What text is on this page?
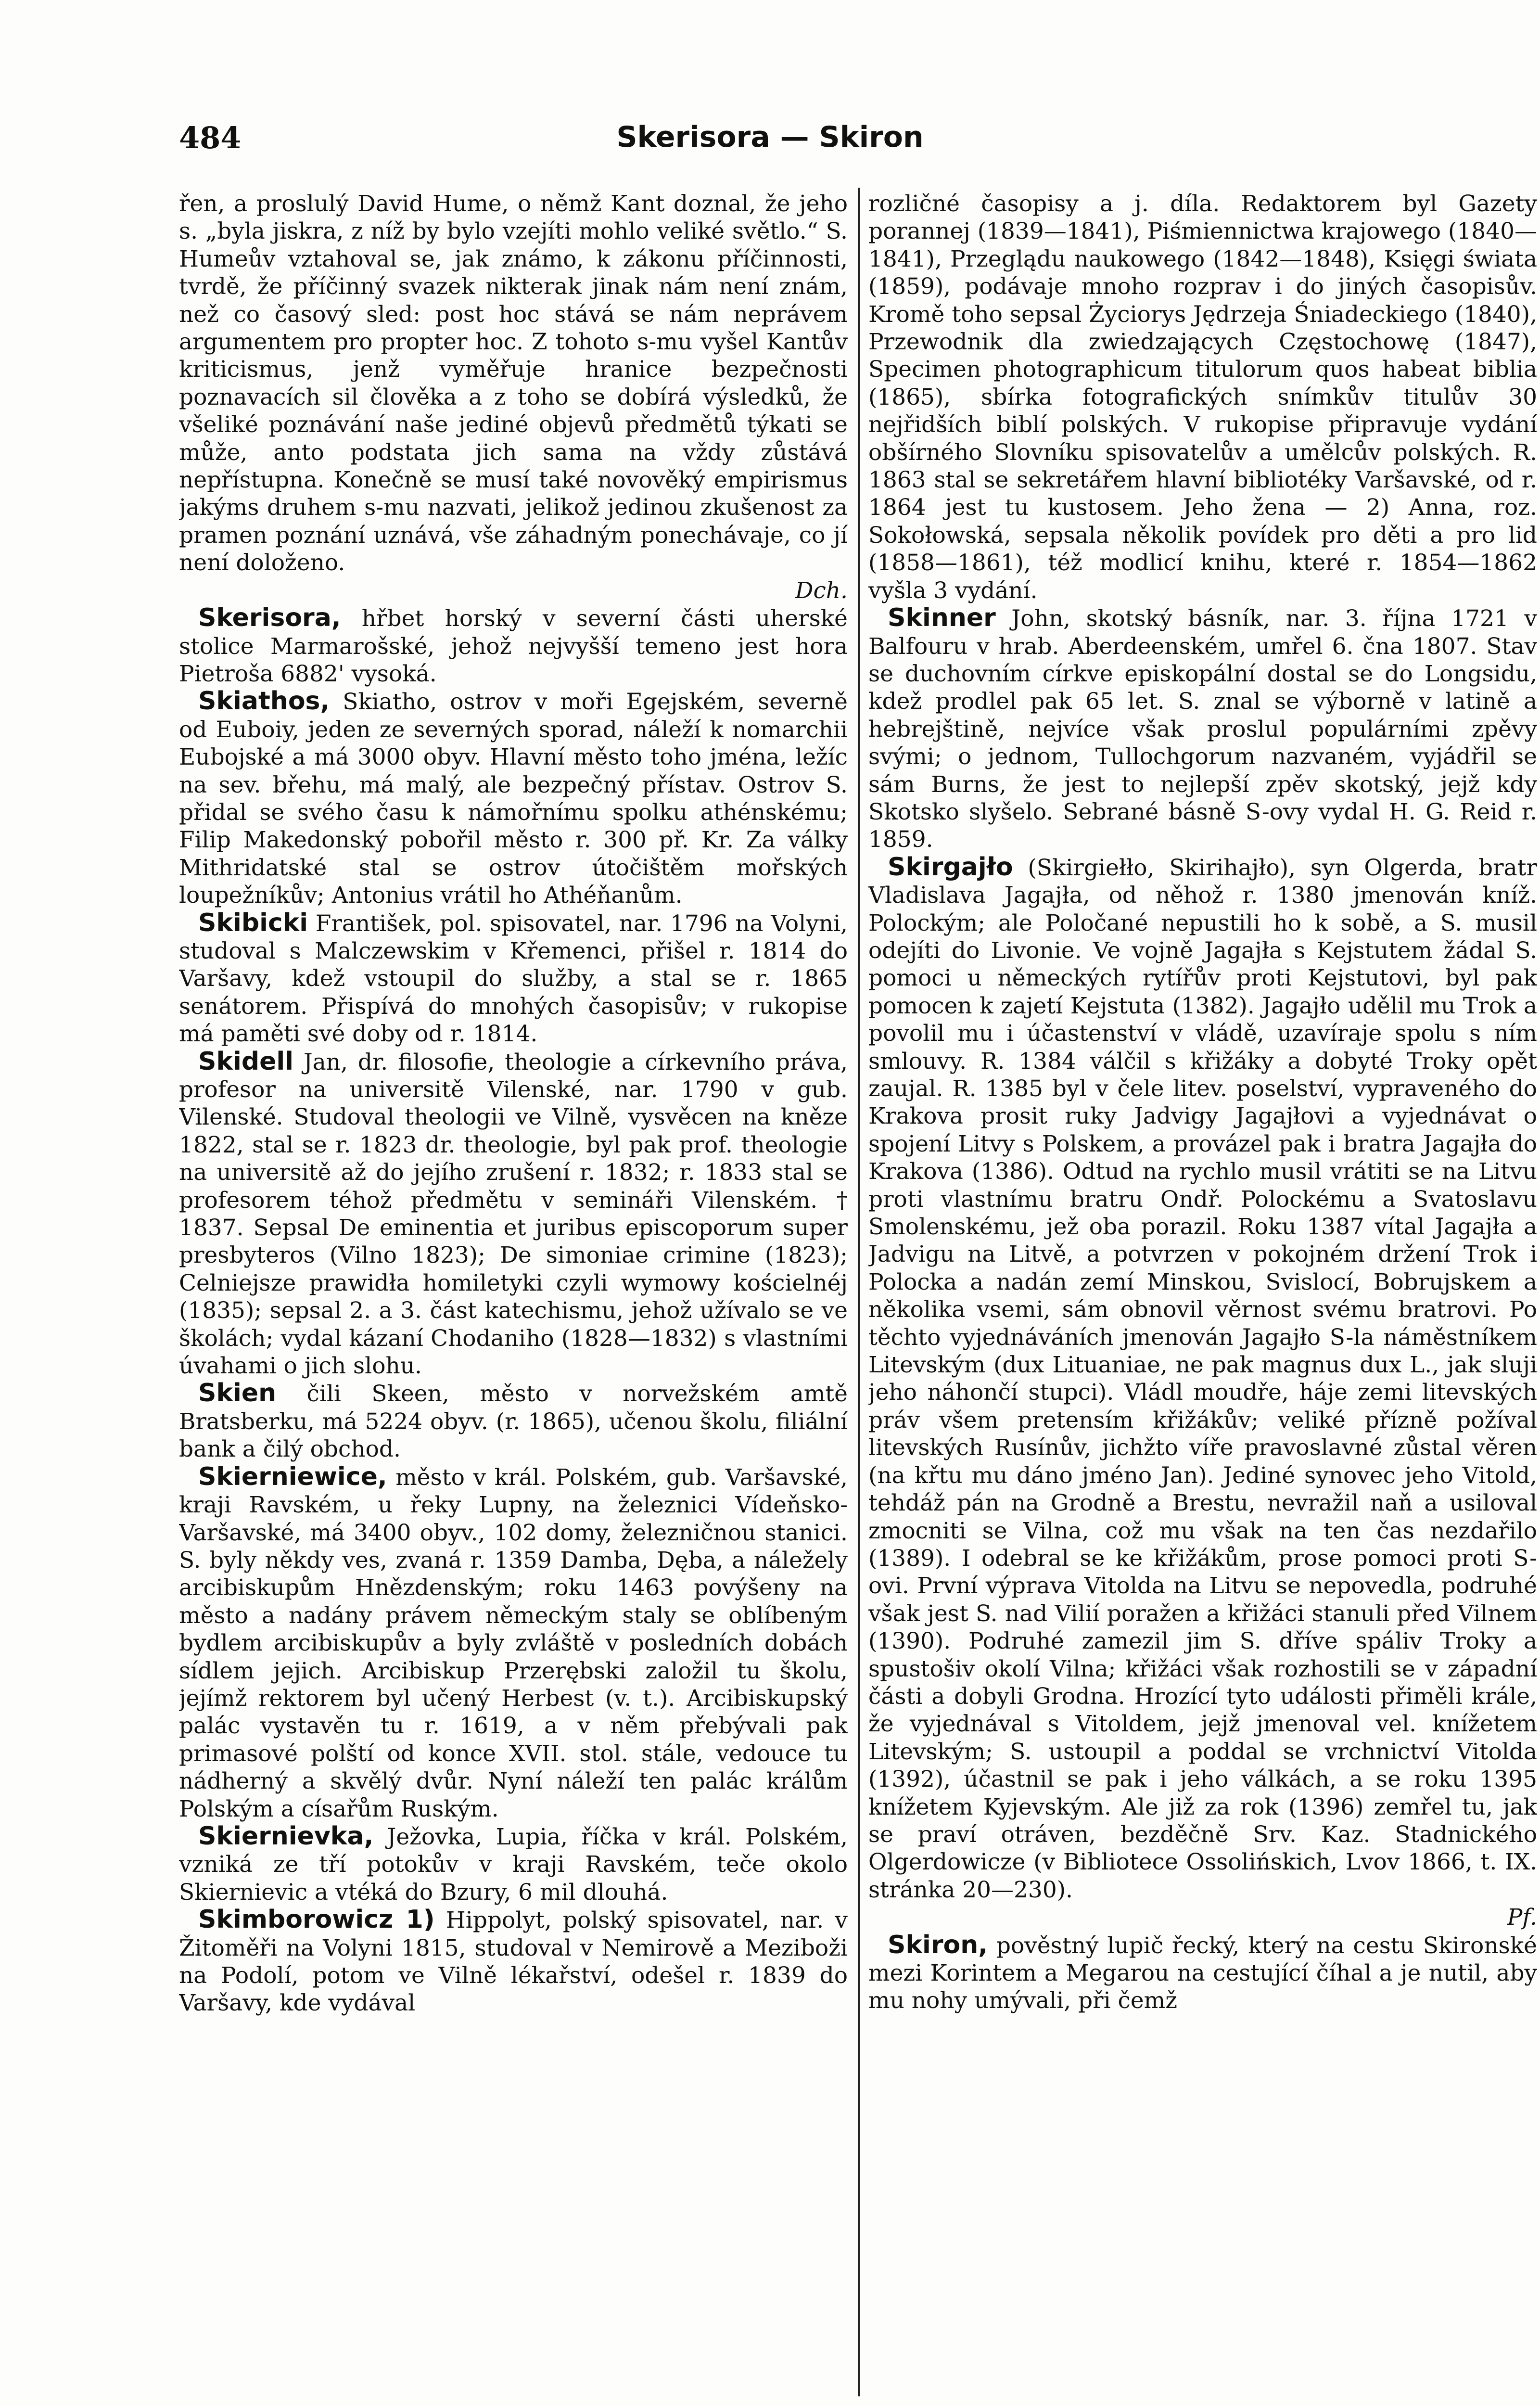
484	Skerisora — Skiron

řen, a proslulý David Hume, o němž Kant doznal, že jeho s. „byla jiskra, z níž by bylo vzejíti mohlo veliké světlo.“ S. Humeův vztahoval se, jak známo, k zákonu příčinnosti, tvrdě, že příčinný svazek nikterak jinak nám není znám, než co časový sled: post hoc stává se nám neprávem argumentem pro propter hoc. Z tohoto s-mu vyšel Kantův kriticismus, jenž vyměřuje hranice bezpečnosti poznavacích sil člověka a z toho se dobírá výsledků, že všeliké poznávání naše jediné objevů předmětů týkati se může, anto podstata jich sama na vždy zůstává nepřístupna. Konečně se musí také novověký empirismus jakýms druhem s-mu nazvati, jelikož jedinou zkušenost za pramen poznání uznává, vše záhadným ponechávaje, co jí není doloženo.

Dch.

Skerisora, hřbet horský v severní části uherské stolice Marmarošské, jehož nejvyšší temeno jest hora Pietroša 6882' vysoká.

Skiathos, Skiatho, ostrov v moři Egejském, severně od Euboiy, jeden ze severných sporad, náleží k nomarchii Eubojské a má 3000 obyv. Hlavní město toho jména, ležíc na sev. břehu, má malý, ale bezpečný přístav. Ostrov S. přidal se svého času k námořnímu spolku athénskému; Filip Makedonský pobořil město r. 300 př. Kr. Za války Mithridatské stal se ostrov útočištěm mořských loupežníkův; Antonius vrátil ho Athéňanům.

Skibicki František, pol. spisovatel, nar. 1796 na Volyni, studoval s Malczewskim v Křemenci, přišel r. 1814 do Varšavy, kdež vstoupil do služby, a stal se r. 1865 senátorem. Přispívá do mnohých časopisův; v rukopise má paměti své doby od r. 1814.

Skidell Jan, dr. filosofie, theologie a církevního práva, profesor na universitě Vilenské, nar. 1790 v gub. Vilenské. Studoval theologii ve Vilně, vysvěcen na kněze 1822, stal se r. 1823 dr. theologie, byl pak prof. theologie na universitě až do jejího zrušení r. 1832; r. 1833 stal se profesorem téhož předmětu v semináři Vilenském. † 1837. Sepsal De eminentia et juribus episcoporum super presbyteros (Vilno 1823); De simoniae crimine (1823); Celniejsze prawidła homiletyki czyli wymowy kościelnéj (1835); sepsal 2. a 3. část katechismu, jehož užívalo se ve školách; vydal kázaní Chodaniho (1828—1832) s vlastními úvahami o jich slohu.

Skien čili Skeen, město v norvežském amtě Bratsberku, má 5224 obyv. (r. 1865), učenou školu, filiální bank a čilý obchod.

Skierniewice, město v král. Polském, gub. Varšavské, kraji Ravském, u řeky Lupny, na železnici Vídeňsko-Varšavské, má 3400 obyv., 102 domy, železničnou stanici. S. byly někdy ves, zvaná r. 1359 Damba, Dęba, a náležely arcibiskupům Hnězdenským; roku 1463 povýšeny na město a nadány právem německým staly se oblíbeným bydlem arcibiskupův a byly zvláště v posledních dobách sídlem jejich. Arcibiskup Przerębski založil tu školu, jejímž rektorem byl učený Herbest (v. t.). Arcibiskupský palác vystavěn tu r. 1619, a v něm přebývali pak primasové polští od konce XVII. stol. stále, vedouce tu nádherný a skvělý dvůr. Nyní náleží ten palác králům Polským a císařům Ruským.

Skiernievka, Ježovka, Lupia, říčka v král. Polském, vzniká ze tří potokův v kraji Ravském, teče okolo Skiernievic a vtéká do Bzury, 6 mil dlouhá.

Skimborowicz 1) Hippolyt, polský spisovatel, nar. v Žitoměři na Volyni 1815, studoval v Nemirově a Meziboži na Podolí, potom ve Vilně lékařství, odešel r. 1839 do Varšavy, kde vydával

rozličné časopisy a j. díla. Redaktorem byl Gazety porannej (1839—1841), Piśmiennictwa krajowego (1840—1841), Przeglądu naukowego (1842—1848), Księgi świata (1859), podávaje mnoho rozprav i do jiných časopisův. Kromě toho sepsal Życiorys Jędrzeja Śniadeckiego (1840), Przewodnik dla zwiedzających Częstochowę (1847), Specimen photographicum titulorum quos habeat biblia (1865), sbírka fotografických snímkův titulův 30 nejřidších biblí polských. V rukopise připravuje vydání obšírného Slovníku spisovatelův a umělcův polských. R. 1863 stal se sekretářem hlavní bibliotéky Varšavské, od r. 1864 jest tu kustosem. Jeho žena — 2) Anna, roz. Sokołowská, sepsala několik povídek pro děti a pro lid (1858—1861), též modlicí knihu, které r. 1854—1862 vyšla 3 vydání.

Skinner John, skotský básník, nar. 3. října 1721 v Balfouru v hrab. Aberdeenském, umřel 6. čna 1807. Stav se duchovním církve episkopální dostal se do Longsidu, kdež prodlel pak 65 let. S. znal se výborně v latině a hebrejštině, nejvíce však proslul populárními zpěvy svými; o jednom, Tullochgorum nazvaném, vyjádřil se sám Burns, že jest to nejlepší zpěv skotský, jejž kdy Skotsko slyšelo. Sebrané básně S-ovy vydal H. G. Reid r. 1859.

Skirgajło (Skirgiełło, Skirihajło), syn Olgerda, bratr Vladislava Jagajła, od něhož r. 1380 jmenován kníž. Polockým; ale Poločané nepustili ho k sobě, a S. musil odejíti do Livonie. Ve vojně Jagajła s Kejstutem žádal S. pomoci u německých rytířův proti Kejstutovi, byl pak pomocen k zajetí Kejstuta (1382). Jagajło udělil mu Trok a povolil mu i účastenství v vládě, uzavíraje spolu s ním smlouvy. R. 1384 válčil s křižáky a dobyté Troky opět zaujal. R. 1385 byl v čele litev. poselství, vypraveného do Krakova prosit ruky Jadvigy Jagajłovi a vyjednávat o spojení Litvy s Polskem, a provázel pak i bratra Jagajła do Krakova (1386). Odtud na rychlo musil vrátiti se na Litvu proti vlastnímu bratru Ondř. Polockému a Svatoslavu Smolenskému, jež oba porazil. Roku 1387 vítal Jagajła a Jadvigu na Litvě, a potvrzen v pokojném držení Trok i Polocka a nadán zemí Minskou, Svislocí, Bobrujskem a několika vsemi, sám obnovil věrnost svému bratrovi. Po těchto vyjednáváních jmenován Jagajło S-la náměstníkem Litevským (dux Lituaniae, ne pak magnus dux L., jak sluji jeho náhončí stupci). Vládl moudře, háje zemi litevských práv všem pretensím křižákův; veliké přízně požíval litevských Rusínův, jichžto víře pravoslavné zůstal věren (na křtu mu dáno jméno Jan). Jediné synovec jeho Vitold, tehdáž pán na Grodně a Brestu, nevražil naň a usiloval zmocniti se Vilna, což mu však na ten čas nezdařilo (1389). I odebral se ke křižákům, prose pomoci proti S-ovi. První výprava Vitolda na Litvu se nepovedla, podruhé však jest S. nad Vilií poražen a křižáci stanuli před Vilnem (1390). Podruhé zamezil jim S. dříve spáliv Troky a spustošiv okolí Vilna; křižáci však rozhostili se v západní části a dobyli Grodna. Hrozící tyto události přiměli krále, že vyjednával s Vitoldem, jejž jmenoval vel. knížetem Litevským; S. ustoupil a poddal se vrchnictví Vitolda (1392), účastnil se pak i jeho válkách, a se roku 1395 knížetem Kyjevským. Ale již za rok (1396) zemřel tu, jak se praví otráven, bezděčně Srv. Kaz. Stadnického Olgerdowicze (v Bibliotece Ossolińskich, Lvov 1866, t. IX. stránka 20—230).

Pf.

Skiron, pověstný lupič řecký, který na cestu Skironské mezi Korintem a Megarou na cestující číhal a je nutil, aby mu nohy umývali, při čemž
